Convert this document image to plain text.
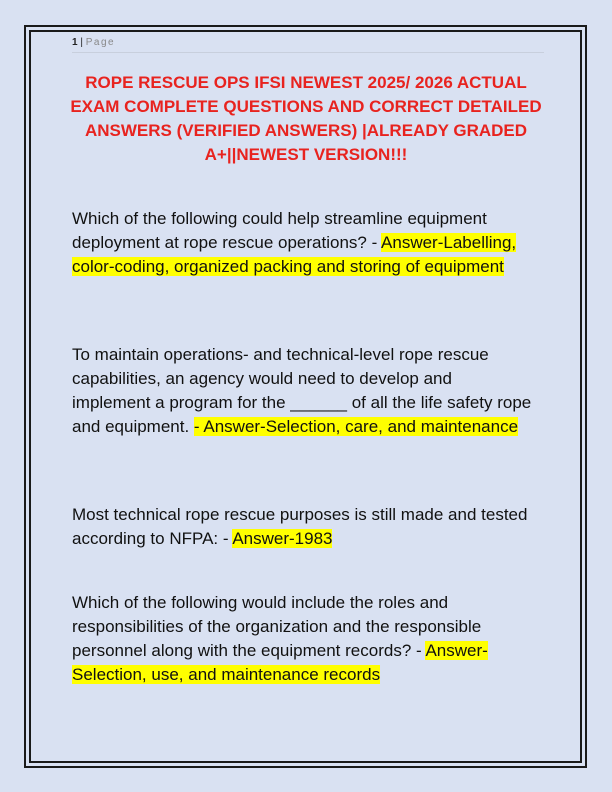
1 | Page
ROPE RESCUE OPS IFSI NEWEST 2025/ 2026 ACTUAL EXAM COMPLETE QUESTIONS AND CORRECT DETAILED ANSWERS (VERIFIED ANSWERS) |ALREADY GRADED A+||NEWEST VERSION!!!
Which of the following could help streamline equipment deployment at rope rescue operations? - Answer-Labelling, color-coding, organized packing and storing of equipment
To maintain operations- and technical-level rope rescue capabilities, an agency would need to develop and implement a program for the ______ of all the life safety rope and equipment. - Answer-Selection, care, and maintenance
Most technical rope rescue purposes is still made and tested according to NFPA: - Answer-1983
Which of the following would include the roles and responsibilities of the organization and the responsible personnel along with the equipment records? - Answer-Selection, use, and maintenance records
